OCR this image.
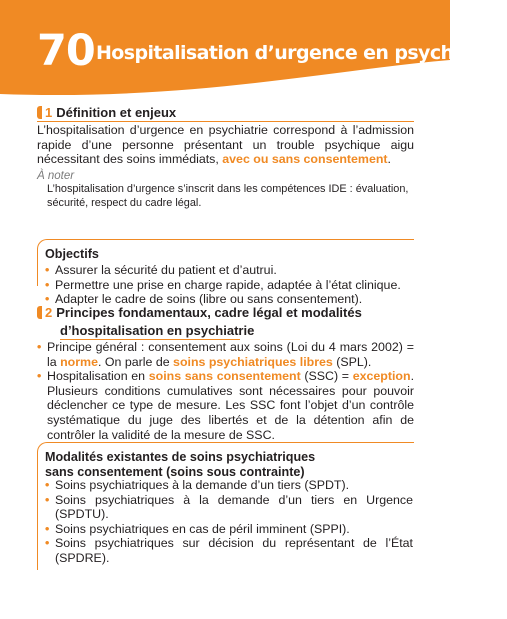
70 Hospitalisation d’urgence en psychiatrie
1 Définition et enjeux
L’hospitalisation d’urgence en psychiatrie correspond à l’admission rapide d’une personne présentant un trouble psychique aigu nécessitant des soins immédiats, avec ou sans consentement.
À noter
L’hospitalisation d’urgence s’inscrit dans les compétences IDE : évaluation, sécurité, respect du cadre légal.
Objectifs
• Assurer la sécurité du patient et d’autrui.
• Permettre une prise en charge rapide, adaptée à l’état clinique.
• Adapter le cadre de soins (libre ou sans consentement).
2 Principes fondamentaux, cadre légal et modalités
d’hospitalisation en psychiatrie
• Principe général : consentement aux soins (Loi du 4 mars 2002) = la norme. On parle de soins psychiatriques libres (SPL).
• Hospitalisation en soins sans consentement (SSC) = exception. Plusieurs conditions cumulatives sont nécessaires pour pouvoir déclencher ce type de mesure. Les SSC font l’objet d’un contrôle systématique du juge des libertés et de la détention afin de contrôler la validité de la mesure de SSC.
Modalités existantes de soins psychiatriques sans consentement (soins sous contrainte)
• Soins psychiatriques à la demande d’un tiers (SPDT).
• Soins psychiatriques à la demande d’un tiers en Urgence (SPDTU).
• Soins psychiatriques en cas de péril imminent (SPPI).
• Soins psychiatriques sur décision du représentant de l’État (SPDRE).
